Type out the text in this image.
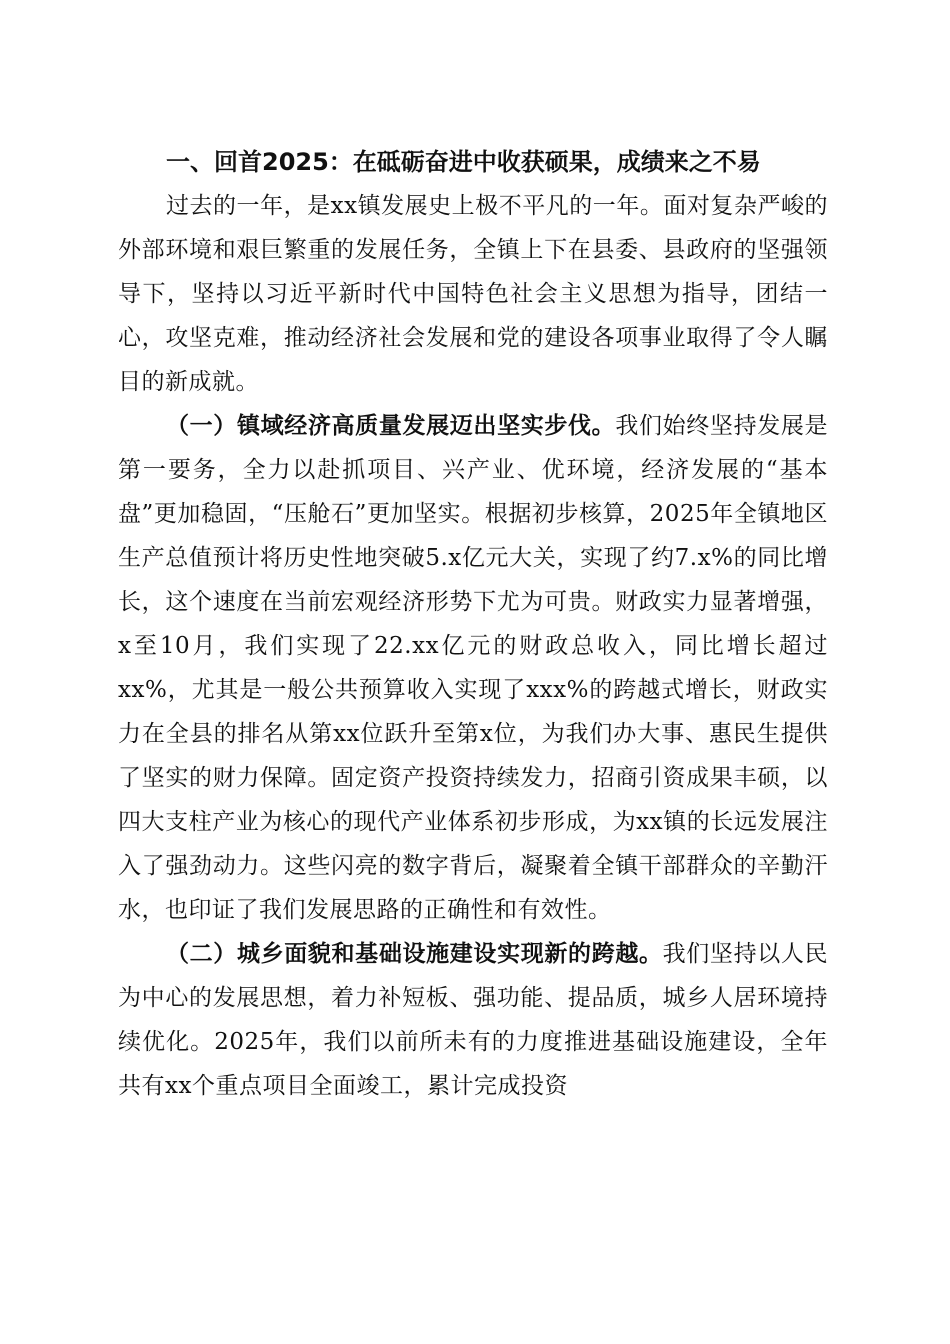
一、回首2025：在砥砺奋进中收获硕果，成绩来之不易

过去的一年，是xx镇发展史上极不平凡的一年。面对复杂严峻的外部环境和艰巨繁重的发展任务，全镇上下在县委、县政府的坚强领导下，坚持以习近平新时代中国特色社会主义思想为指导，团结一心，攻坚克难，推动经济社会发展和党的建设各项事业取得了令人瞩目的新成就。

（一）镇域经济高质量发展迈出坚实步伐。我们始终坚持发展是第一要务，全力以赴抓项目、兴产业、优环境，经济发展的“基本盘”更加稳固，“压舱石”更加坚实。根据初步核算，2025年全镇地区生产总值预计将历史性地突破5.x亿元大关，实现了约7.x%的同比增长，这个速度在当前宏观经济形势下尤为可贵。财政实力显著增强，x至10月，我们实现了22.xx亿元的财政总收入，同比增长超过xx%，尤其是一般公共预算收入实现了xxx%的跨越式增长，财政实力在全县的排名从第xx位跃升至第x位，为我们办大事、惠民生提供了坚实的财力保障。固定资产投资持续发力，招商引资成果丰硕，以四大支柱产业为核心的现代产业体系初步形成，为xx镇的长远发展注入了强劲动力。这些闪亮的数字背后，凝聚着全镇干部群众的辛勤汗水，也印证了我们发展思路的正确性和有效性。

（二）城乡面貌和基础设施建设实现新的跨越。我们坚持以人民为中心的发展思想，着力补短板、强功能、提品质，城乡人居环境持续优化。2025年，我们以前所未有的力度推进基础设施建设，全年共有xx个重点项目全面竣工，累计完成投资
